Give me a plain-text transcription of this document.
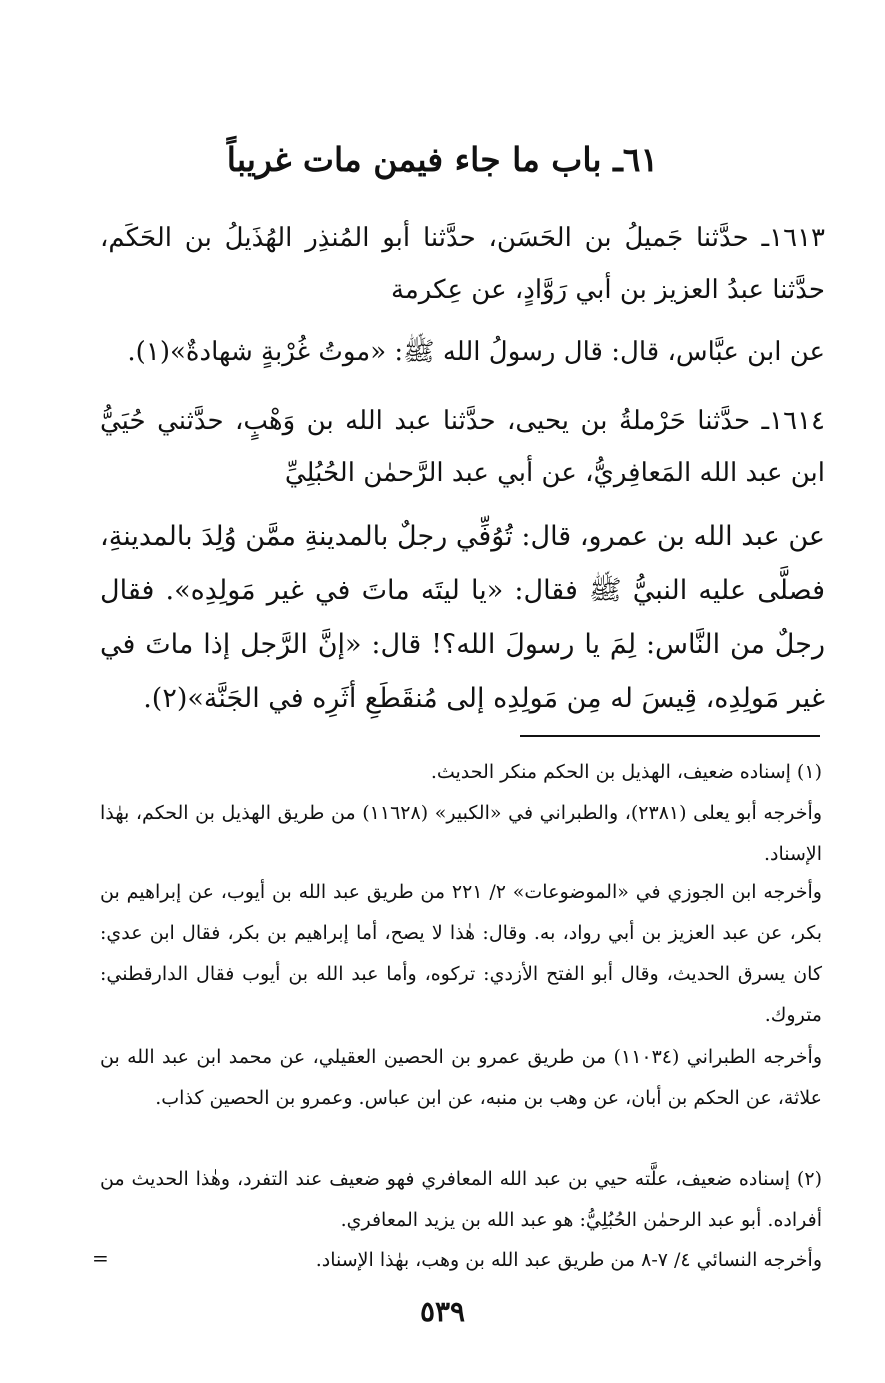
٦١ـ باب ما جاء فيمن مات غريباً

١٦١٣ـ حدَّثنا جَميلُ بن الحَسَن، حدَّثنا أبو المُنذِر الهُذَيلُ بن الحَكَم، حدَّثنا عبدُ العزيز بن أبي رَوَّادٍ، عن عِكرمة

عن ابن عبَّاس، قال: قال رسولُ الله ﷺ: «موتُ غُرْبةٍ شهادةٌ»(١).

١٦١٤ـ حدَّثنا حَرْملةُ بن يحيى، حدَّثنا عبد الله بن وَهْبٍ، حدَّثني حُيَيُّ ابن عبد الله المَعافِريُّ، عن أبي عبد الرَّحمٰن الحُبُلِيِّ

عن عبد الله بن عمرو، قال: تُوُفِّي رجلٌ بالمدينةِ ممَّن وُلِدَ بالمدينةِ، فصلَّى عليه النبيُّ ﷺ فقال: «يا ليتَه ماتَ في غير مَولِدِه». فقال رجلٌ من النَّاس: لِمَ يا رسولَ الله؟! قال: «إنَّ الرَّجل إذا ماتَ في غير مَولِدِه، قِيسَ له مِن مَولِدِه إلى مُنقَطَعِ أثَرِه في الجَنَّة»(٢).

(١) إسناده ضعيف، الهذيل بن الحكم منكر الحديث.

وأخرجه أبو يعلى (٢٣٨١)، والطبراني في «الكبير» (١١٦٢٨) من طريق الهذيل بن الحكم، بهٰذا الإسناد.

وأخرجه ابن الجوزي في «الموضوعات» ٢/ ٢٢١ من طريق عبد الله بن أيوب، عن إبراهيم بن بكر، عن عبد العزيز بن أبي رواد، به. وقال: هٰذا لا يصح، أما إبراهيم بن بكر، فقال ابن عدي: كان يسرق الحديث، وقال أبو الفتح الأزدي: تركوه، وأما عبد الله بن أيوب فقال الدارقطني: متروك.

وأخرجه الطبراني (١١٠٣٤) من طريق عمرو بن الحصين العقيلي، عن محمد ابن عبد الله بن علاثة، عن الحكم بن أبان، عن وهب بن منبه، عن ابن عباس. وعمرو بن الحصين كذاب.

(٢) إسناده ضعيف، علَّته حيي بن عبد الله المعافري فهو ضعيف عند التفرد، وهٰذا الحديث من أفراده. أبو عبد الرحمٰن الحُبُلِيُّ: هو عبد الله بن يزيد المعافري.

وأخرجه النسائي ٤/ ٧-٨ من طريق عبد الله بن وهب، بهٰذا الإسناد.

=
٥٣٩
